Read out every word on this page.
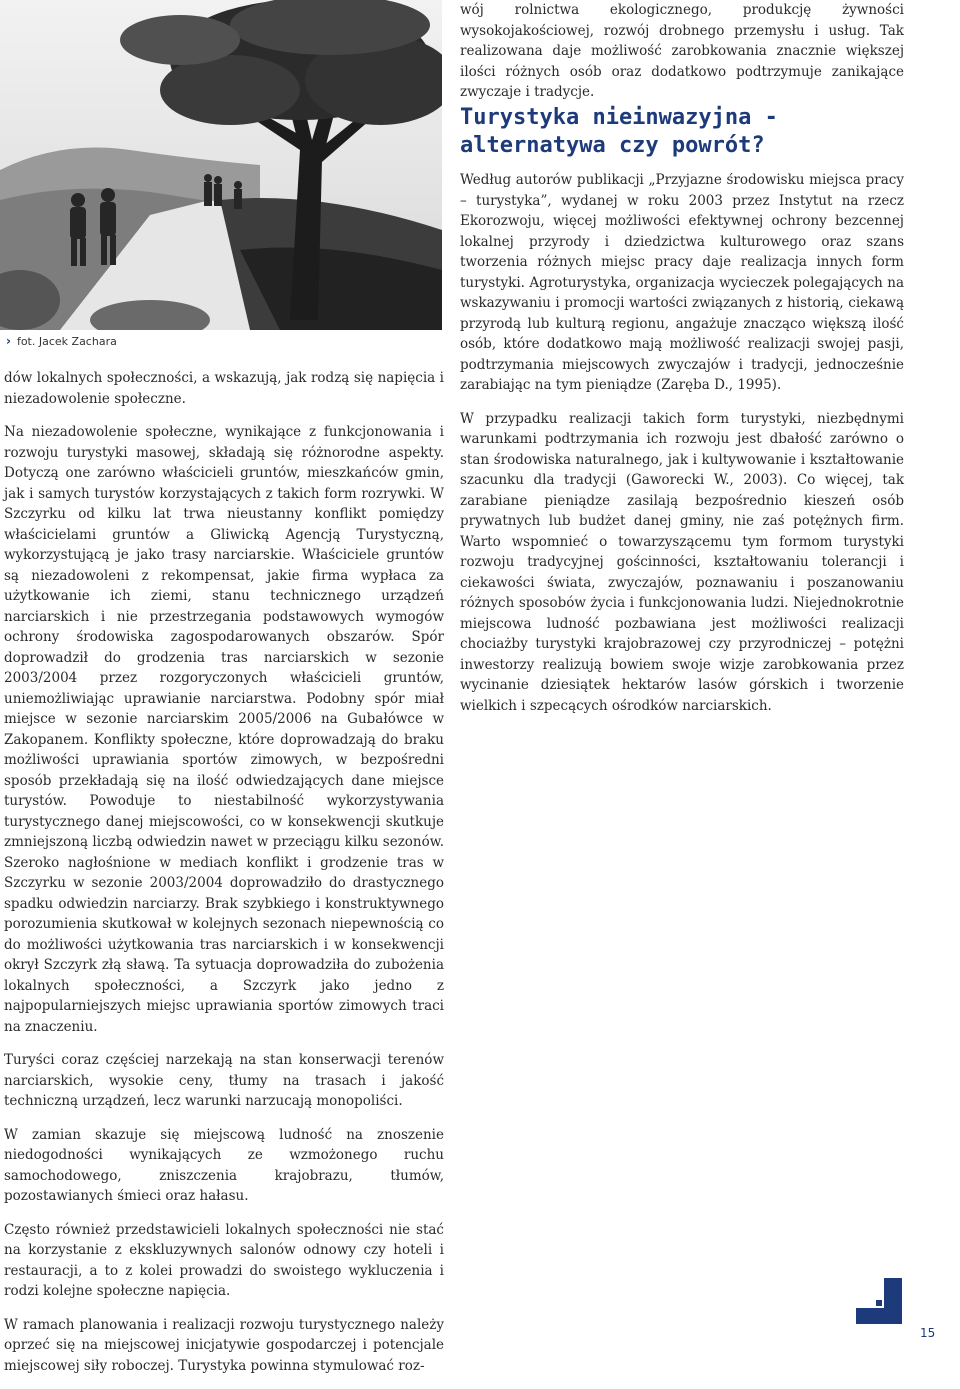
› fot. Jacek Zachara

dów lokalnych społeczności, a wskazują, jak rodzą się napięcia i niezadowolenie społeczne.

Na niezadowolenie społeczne, wynikające z funkcjonowania i rozwoju turystyki masowej, składają się różnorodne aspekty. Dotyczą one zarówno właścicieli gruntów, mieszkańców gmin, jak i samych turystów korzystających z takich form rozrywki. W Szczyrku od kilku lat trwa nieustanny konflikt pomiędzy właścicielami gruntów a Gliwicką Agencją Turystyczną, wykorzystującą je jako trasy narciarskie. Właściciele gruntów są niezadowoleni z rekompensat, jakie firma wypłaca za użytkowanie ich ziemi, stanu technicznego urządzeń narciarskich i nie przestrzegania podstawowych wymogów ochrony środowiska zagospodarowanych obszarów. Spór doprowadził do grodzenia tras narciarskich w sezonie 2003/2004 przez rozgoryczonych właścicieli gruntów, uniemożliwiając uprawianie narciarstwa. Podobny spór miał miejsce w sezonie narciarskim 2005/2006 na Gubałówce w Zakopanem. Konflikty społeczne, które doprowadzają do braku możliwości uprawiania sportów zimowych, w bezpośredni sposób przekładają się na ilość odwiedzających dane miejsce turystów. Powoduje to niestabilność wykorzystywania turystycznego danej miejscowości, co w konsekwencji skutkuje zmniejszoną liczbą odwiedzin nawet w przeciągu kilku sezonów. Szeroko nagłośnione w mediach konflikt i grodzenie tras w Szczyrku w sezonie 2003/2004 doprowadziło do drastycznego spadku odwiedzin narciarzy. Brak szybkiego i konstruktywnego porozumienia skutkował w kolejnych sezonach niepewnością co do możliwości użytkowania tras narciarskich i w konsekwencji okrył Szczyrk złą sławą. Ta sytuacja doprowadziła do zubożenia lokalnych społeczności, a Szczyrk jako jedno z najpopularniejszych miejsc uprawiania sportów zimowych traci na znaczeniu.

Turyści coraz częściej narzekają na stan konserwacji terenów narciarskich, wysokie ceny, tłumy na trasach i jakość techniczną urządzeń, lecz warunki narzucają monopoliści.

W zamian skazuje się miejscową ludność na znoszenie niedogodności wynikających ze wzmożonego ruchu samochodowego, zniszczenia krajobrazu, tłumów, pozostawianych śmieci oraz hałasu.

Często również przedstawicieli lokalnych społeczności nie stać na korzystanie z ekskluzywnych salonów odnowy czy hoteli i restauracji, a to z kolei prowadzi do swoistego wykluczenia i rodzi kolejne społeczne napięcia.

W ramach planowania i realizacji rozwoju turystycznego należy oprzeć się na miejscowej inicjatywie gospodarczej i potencjale miejscowej siły roboczej. Turystyka powinna stymulować roz-

wój rolnictwa ekologicznego, produkcję żywności wysokojakościowej, rozwój drobnego przemysłu i usług. Tak realizowana daje możliwość zarobkowania znacznie większej ilości różnych osób oraz dodatkowo podtrzymuje zanikające zwyczaje i tradycje.

Turystyka nieinwazyjna - alternatywa czy powrót?

Według autorów publikacji „Przyjazne środowisku miejsca pracy – turystyka”, wydanej w roku 2003 przez Instytut na rzecz Ekorozwoju, więcej możliwości efektywnej ochrony bezcennej lokalnej przyrody i dziedzictwa kulturowego oraz szans tworzenia różnych miejsc pracy daje realizacja innych form turystyki. Agroturystyka, organizacja wycieczek polegających na wskazywaniu i promocji wartości związanych z historią, ciekawą przyrodą lub kulturą regionu, angażuje znacząco większą ilość osób, które dodatkowo mają możliwość realizacji swojej pasji, podtrzymania miejscowych zwyczajów i tradycji, jednocześnie zarabiając na tym pieniądze (Zaręba D., 1995).

W przypadku realizacji takich form turystyki, niezbędnymi warunkami podtrzymania ich rozwoju jest dbałość zarówno o stan środowiska naturalnego, jak i kultywowanie i kształtowanie szacunku dla tradycji (Gaworecki W., 2003). Co więcej, tak zarabiane pieniądze zasilają bezpośrednio kieszeń osób prywatnych lub budżet danej gminy, nie zaś potężnych firm. Warto wspomnieć o towarzyszącemu tym formom turystyki rozwoju tradycyjnej gościnności, kształtowaniu tolerancji i ciekawości świata, zwyczajów, poznawaniu i poszanowaniu różnych sposobów życia i funkcjonowania ludzi. Niejednokrotnie miejscowa ludność pozbawiana jest możliwości realizacji chociażby turystyki krajobrazowej czy przyrodniczej – potężni inwestorzy realizują bowiem swoje wizje zarobkowania przez wycinanie dziesiątek hektarów lasów górskich i tworzenie wielkich i szpecących ośrodków narciarskich.

15
